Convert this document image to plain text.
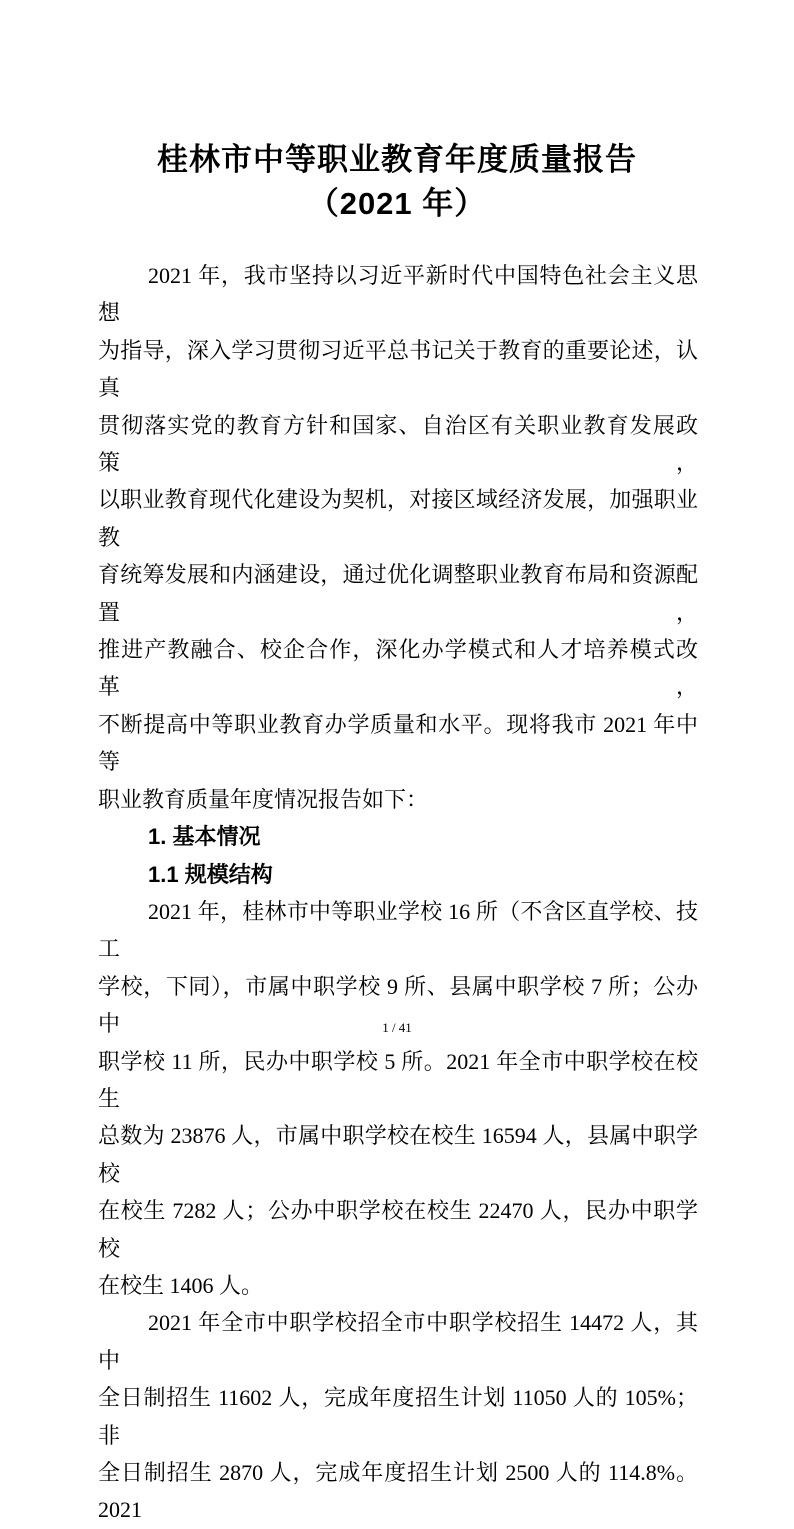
桂林市中等职业教育年度质量报告
（2021 年）
2021 年，我市坚持以习近平新时代中国特色社会主义思想
为指导，深入学习贯彻习近平总书记关于教育的重要论述，认真
贯彻落实党的教育方针和国家、自治区有关职业教育发展政策，
以职业教育现代化建设为契机，对接区域经济发展，加强职业教
育统筹发展和内涵建设，通过优化调整职业教育布局和资源配置，
推进产教融合、校企合作，深化办学模式和人才培养模式改革，
不断提高中等职业教育办学质量和水平。现将我市 2021 年中等
职业教育质量年度情况报告如下：
1. 基本情况
1.1 规模结构
2021 年，桂林市中等职业学校 16 所（不含区直学校、技工
学校，下同），市属中职学校 9 所、县属中职学校 7 所；公办中
职学校 11 所，民办中职学校 5 所。2021 年全市中职学校在校生
总数为 23876 人，市属中职学校在校生 16594 人，县属中职学校
在校生 7282 人；公办中职学校在校生 22470 人，民办中职学校
在校生 1406 人。
2021 年全市中职学校招全市中职学校招生 14472 人，其中
全日制招生 11602 人，完成年度招生计划 11050 人的 105%；非
全日制招生 2870 人，完成年度招生计划 2500 人的 114.8%。2021
1 / 41
